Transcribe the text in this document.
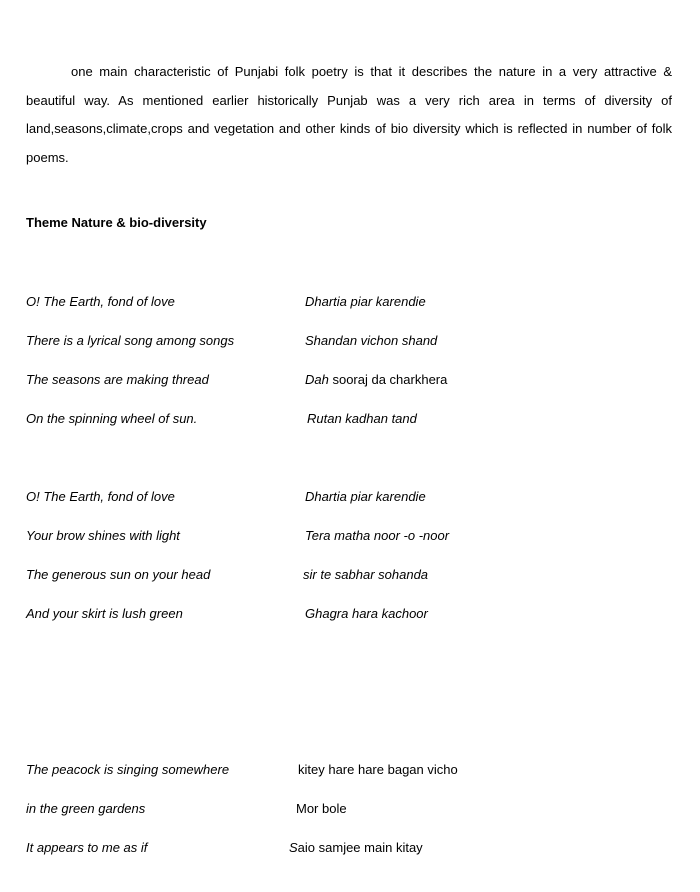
one main characteristic of Punjabi folk poetry is that it describes the nature in a very attractive & beautiful way. As mentioned earlier historically Punjab was a very rich area in terms of diversity of land,seasons,climate,crops and vegetation and other kinds of bio diversity which is reflected in number of folk poems.

Theme Nature & bio-diversity

O! The Earth, fond of love	Dhartia piar karendie

There is a lyrical song among songs	Shandan vichon shand

The seasons are making thread	Dah sooraj da charkhera

On the spinning wheel of sun.	Rutan kadhan tand

O! The Earth, fond of love	Dhartia piar karendie

Your brow shines with light	Tera matha noor -o -noor

The generous sun on your head	sir te sabhar sohanda

And your skirt is lush green	Ghagra hara kachoor

The peacock is singing somewhere	kitey hare hare bagan vicho

in the green gardens	Mor bole

It appears to me as if	Saio samjee main kitay
